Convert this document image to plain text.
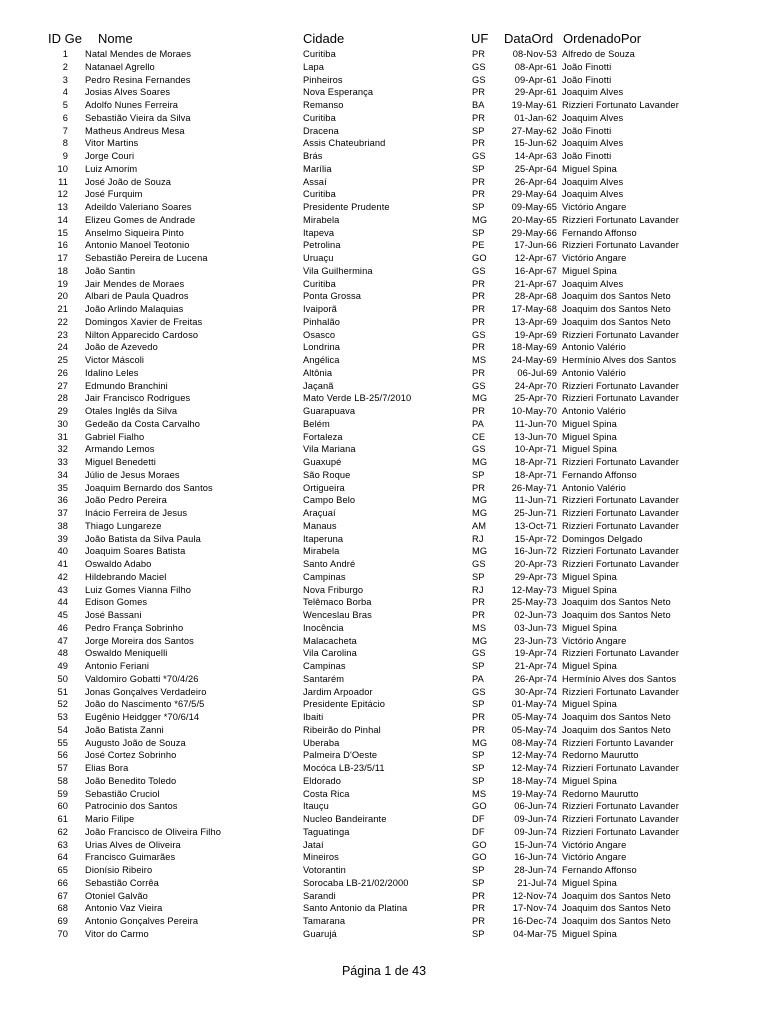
ID Ge Nome	Cidade	UF DataOrd OrdenadoPor
1 Natal Mendes de Moraes	Curitiba	PR	08-Nov-53 Alfredo de Souza
2 Natanael Agrello	Lapa	GS	08-Apr-61 João Finotti
3 Pedro Resina Fernandes	Pinheiros	GS	09-Apr-61 João Finotti
4 Josias Alves Soares	Nova Esperança	PR	29-Apr-61 Joaquim Alves
5 Adolfo Nunes Ferreira	Remanso	BA	19-May-61 Rizzieri Fortunato Lavander
6 Sebastião Vieira da Silva	Curitiba	PR	01-Jan-62 Joaquim Alves
7 Matheus Andreus Mesa	Dracena	SP	27-May-62 João Finotti
8 Vitor Martins	Assis Chateubriand	PR	15-Jun-62 Joaquim Alves
9 Jorge Couri	Brás	GS	14-Apr-63 João Finotti
10 Luiz Amorim	Marília	SP	25-Apr-64 Miguel Spina
11 José João de Souza	Assaí	PR	26-Apr-64 Joaquim Alves
12 José Furquim	Curitiba	PR	29-May-64 Joaquim Alves
13 Adeildo Valeriano Soares	Presidente Prudente	SP	09-May-65 Victório Angare
14 Elizeu Gomes de Andrade	Mirabela	MG	20-May-65 Rizzieri Fortunato Lavander
15 Anselmo Siqueira Pinto	Itapeva	SP	29-May-66 Fernando Affonso
16 Antonio Manoel Teotonio	Petrolina	PE	17-Jun-66 Rizzieri Fortunato Lavander
17 Sebastião Pereira de Lucena	Uruaçu	GO	12-Apr-67 Victório Angare
18 João Santin	Vila Guilhermina	GS	16-Apr-67 Miguel Spina
19 Jair Mendes de Moraes	Curitiba	PR	21-Apr-67 Joaquim Alves
20 Albari de Paula Quadros	Ponta Grossa	PR	28-Apr-68 Joaquim dos Santos Neto
21 João Arlindo Malaquias	Ivaiporã	PR	17-May-68 Joaquim dos Santos Neto
22 Domingos Xavier de Freitas	Pinhalão	PR	13-Apr-69 Joaquim dos Santos Neto
23 Nilton Apparecido Cardoso	Osasco	GS	19-Apr-69 Rizzieri Fortunato Lavander
24 João de Azevedo	Londrina	PR	18-May-69 Antonio Valério
25 Victor Máscoli	Angélica	MS	24-May-69 Hermínio Alves dos Santos
26 Idalino Leles	Altônia	PR	06-Jul-69 Antonio Valério
27 Edmundo Branchini	Jaçanã	GS	24-Apr-70 Rizzieri Fortunato Lavander
28 Jair Francisco Rodrigues	Mato Verde LB-25/7/2010	MG	25-Apr-70 Rizzieri Fortunato Lavander
29 Otales Inglês da Silva	Guarapuava	PR	10-May-70 Antonio Valério
30 Gedeão da Costa Carvalho	Belém	PA	11-Jun-70 Miguel Spina
31 Gabriel Fialho	Fortaleza	CE	13-Jun-70 Miguel Spina
32 Armando Lemos	Vila Mariana	GS	10-Apr-71 Miguel Spina
33 Miguel Benedetti	Guaxupé	MG	18-Apr-71 Rizzieri Fortunato Lavander
34 Júlio de Jesus Moraes	São Roque	SP	18-Apr-71 Fernando Affonso
35 Joaquim Bernardo dos Santos	Ortigueira	PR	26-May-71 Antonio Valério
36 João Pedro Pereira	Campo Belo	MG	11-Jun-71 Rizzieri Fortunato Lavander
37 Inácio Ferreira de Jesus	Araçuaí	MG	25-Jun-71 Rizzieri Fortunato Lavander
38 Thiago Lungareze	Manaus	AM	13-Oct-71 Rizzieri Fortunato Lavander
39 João Batista da Silva Paula	Itaperuna	RJ	15-Apr-72 Domingos Delgado
40 Joaquim Soares Batista	Mirabela	MG	16-Jun-72 Rizzieri Fortunato Lavander
41 Oswaldo Adabo	Santo André	GS	20-Apr-73 Rizzieri Fortunato Lavander
42 Hildebrando Maciel	Campinas	SP	29-Apr-73 Miguel Spina
43 Luiz Gomes Vianna Filho	Nova Friburgo	RJ	12-May-73 Miguel Spina
44 Edison Gomes	Telêmaco Borba	PR	25-May-73 Joaquim dos Santos Neto
45 José Bassani	Wenceslau Bras	PR	02-Jun-73 Joaquim dos Santos Neto
46 Pedro França Sobrinho	Inocência	MS	03-Jun-73 Miguel Spina
47 Jorge Moreira dos Santos	Malacacheta	MG	23-Jun-73 Victório Angare
48 Oswaldo Meniquelli	Vila Carolina	GS	19-Apr-74 Rizzieri Fortunato Lavander
49 Antonio Feriani	Campinas	SP	21-Apr-74 Miguel Spina
50 Valdomiro Gobatti *70/4/26	Santarém	PA	26-Apr-74 Hermínio Alves dos Santos
51 Jonas Gonçalves Verdadeiro	Jardim Arpoador	GS	30-Apr-74 Rizzieri Fortunato Lavander
52 João do Nascimento *67/5/5	Presidente Epitácio	SP	01-May-74 Miguel Spina
53 Eugênio Heidgger *70/6/14	Ibaiti	PR	05-May-74 Joaquim dos Santos Neto
54 João Batista Zanni	Ribeirão do Pinhal	PR	05-May-74 Joaquim dos Santos Neto
55 Augusto João de Souza	Uberaba	MG	08-May-74 Rizzieri Fortunto Lavander
56 José Cortez Sobrinho	Palmeira D'Oeste	SP	12-May-74 Redorno Maurutto
57 Elias Bora	Mocóca LB-23/5/11	SP	12-May-74 Rizzieri Fortunato Lavander
58 João Benedito Toledo	Eldorado	SP	18-May-74 Miguel Spina
59 Sebastião Cruciol	Costa Rica	MS	19-May-74 Redorno Maurutto
60 Patrocinio dos Santos	Itauçu	GO	06-Jun-74 Rizzieri Fortunato Lavander
61 Mario Filipe	Nucleo Bandeirante	DF	09-Jun-74 Rizzieri Fortunato Lavander
62 João Francisco de Oliveira Filho	Taguatinga	DF	09-Jun-74 Rizzieri Fortunato Lavander
63 Urias Alves de Oliveira	Jataí	GO	15-Jun-74 Victório Angare
64 Francisco Guimarães	Mineiros	GO	16-Jun-74 Victório Angare
65 Dionísio Ribeiro	Votorantin	SP	28-Jun-74 Fernando Affonso
66 Sebastião Corrêa	Sorocaba LB-21/02/2000	SP	21-Jul-74 Miguel Spina
67 Otoniel Galvão	Sarandi	PR	12-Nov-74 Joaquim dos Santos Neto
68 Antonio Vaz Vieira	Santo Antonio da Platina	PR	17-Nov-74 Joaquim dos Santos Neto
69 Antonio Gonçalves Pereira	Tamarana	PR	16-Dec-74 Joaquim dos Santos Neto
70 Vitor do Carmo	Guarujá	SP	04-Mar-75 Miguel Spina
Página 1 de 43
